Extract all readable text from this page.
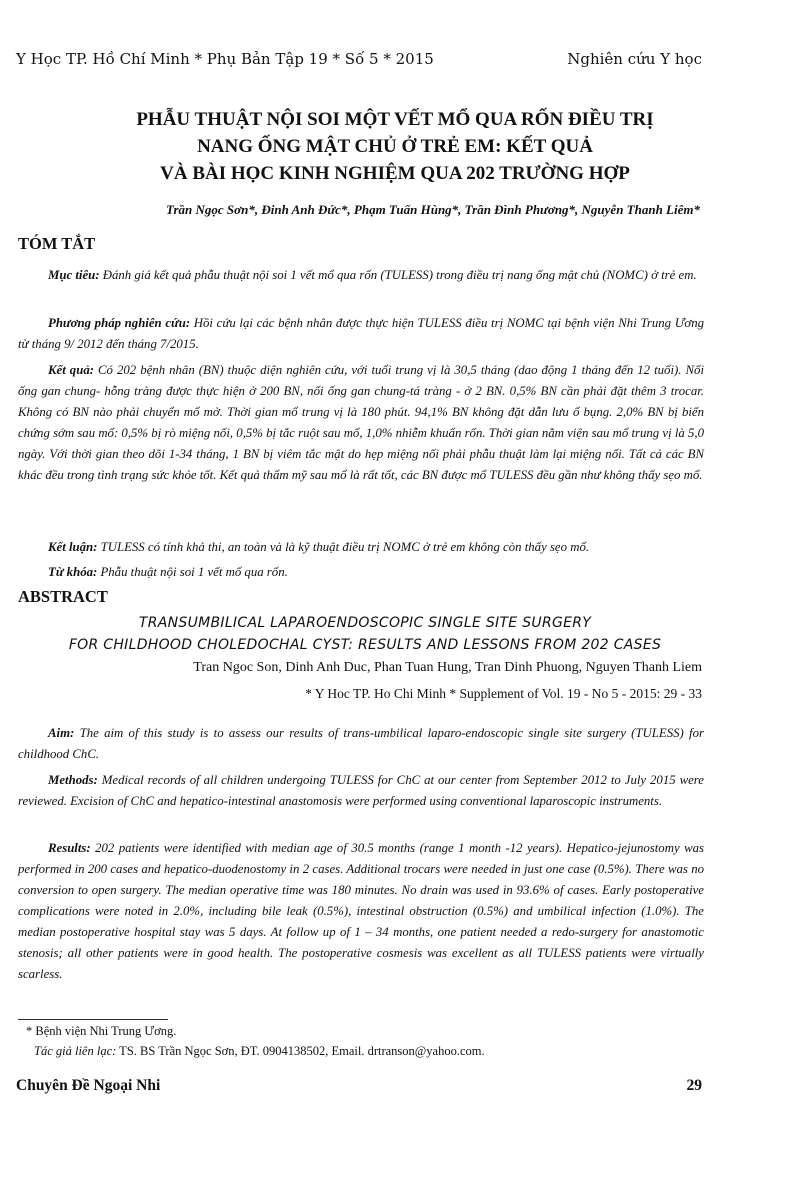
Y Học TP. Hồ Chí Minh * Phụ Bản Tập 19 * Số 5 * 2015	Nghiên cứu Y học
PHẪU THUẬT NỘI SOI MỘT VẾT MỔ QUA RỐN ĐIỀU TRỊ
NANG ỐNG MẬT CHỦ Ở TRẺ EM: KẾT QUẢ
VÀ BÀI HỌC KINH NGHIỆM QUA 202 TRƯỜNG HỢP
Trần Ngọc Sơn*, Đinh Anh Đức*, Phạm Tuấn Hùng*, Trần Đình Phương*, Nguyễn Thanh Liêm*
TÓM TẮT
Mục tiêu: Đánh giá kết quả phẫu thuật nội soi 1 vết mổ qua rốn (TULESS) trong điều trị nang ống mật chủ (NOMC) ở trẻ em.
Phương pháp nghiên cứu: Hồi cứu lại các bệnh nhân được thực hiện TULESS điều trị NOMC tại bệnh viện Nhi Trung Ương từ tháng 9/ 2012 đến tháng 7/2015.
Kết quả: Có 202 bệnh nhân (BN) thuộc diện nghiên cứu, với tuổi trung vị là 30,5 tháng (dao động 1 tháng đến 12 tuổi). Nối ống gan chung- hỗng tràng được thực hiện ở 200 BN, nối ống gan chung-tá tràng - ở 2 BN. 0,5% BN cần phải đặt thêm 3 trocar. Không có BN nào phải chuyển mổ mở. Thời gian mổ trung vị là 180 phút. 94,1% BN không đặt dẫn lưu ổ bụng. 2,0% BN bị biến chứng sớm sau mổ: 0,5% bị rò miệng nối, 0,5% bị tắc ruột sau mổ, 1,0% nhiễm khuẩn rốn. Thời gian nằm viện sau mổ trung vị là 5,0 ngày. Với thời gian theo dõi 1-34 tháng, 1 BN bị viêm tắc mật do hẹp miệng nối phải phẫu thuật làm lại miệng nối. Tất cả các BN khác đều trong tình trạng sức khỏe tốt. Kết quả thẩm mỹ sau mổ là rất tốt, các BN được mổ TULESS đều gần như không thấy sẹo mổ.
Kết luận: TULESS có tính khả thi, an toàn và là kỹ thuật điều trị NOMC ở trẻ em không còn thấy sẹo mổ.
Từ khóa: Phẫu thuật nội soi 1 vết mổ qua rốn.
ABSTRACT
TRANSUMBILICAL LAPAROENDOSCOPIC SINGLE SITE SURGERY
FOR CHILDHOOD CHOLEDOCHAL CYST: RESULTS AND LESSONS FROM 202 CASES
Tran Ngoc Son, Dinh Anh Duc, Phan Tuan Hung, Tran Dinh Phuong, Nguyen Thanh Liem
* Y Hoc TP. Ho Chi Minh * Supplement of Vol. 19 - No 5 - 2015: 29 - 33
Aim: The aim of this study is to assess our results of trans-umbilical laparo-endoscopic single site surgery (TULESS) for childhood ChC.
Methods: Medical records of all children undergoing TULESS for ChC at our center from September 2012 to July 2015 were reviewed. Excision of ChC and hepatico-intestinal anastomosis were performed using conventional laparoscopic instruments.
Results: 202 patients were identified with median age of 30.5 months (range 1 month -12 years). Hepatico-jejunostomy was performed in 200 cases and hepatico-duodenostomy in 2 cases. Additional trocars were needed in just one case (0.5%). There was no conversion to open surgery. The median operative time was 180 minutes. No drain was used in 93.6% of cases. Early postoperative complications were noted in 2.0%, including bile leak (0.5%), intestinal obstruction (0.5%) and umbilical infection (1.0%). The median postoperative hospital stay was 5 days. At follow up of 1 – 34 months, one patient needed a redo-surgery for anastomotic stenosis; all other patients were in good health. The postoperative cosmesis was excellent as all TULESS patients were virtually scarless.
* Bệnh viện Nhi Trung Ương.
Tác giả liên lạc: TS. BS Trần Ngọc Sơn, ĐT. 0904138502, Email. drtranson@yahoo.com.
Chuyên Đề Ngoại Nhi	29
